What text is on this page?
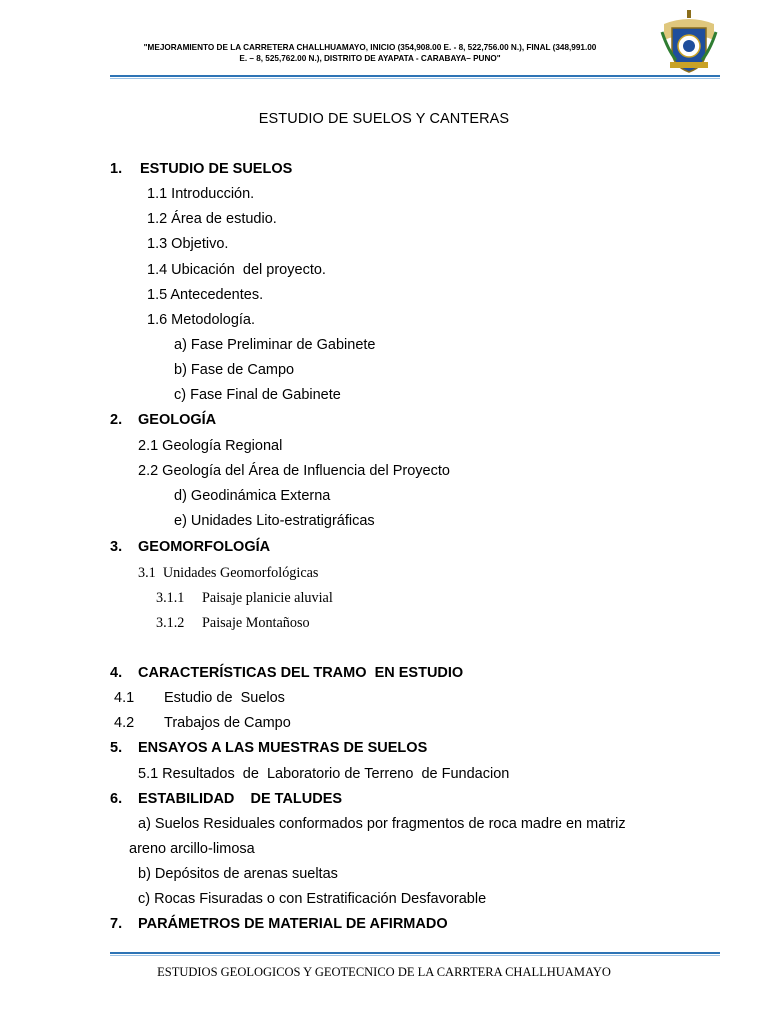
"MEJORAMIENTO DE LA CARRETERA CHALLHUAMAYO, INICIO (354,908.00 E. - 8, 522,756.00 N.), FINAL (348,991.00
E. – 8, 525,762.00 N.), DISTRITO DE AYAPATA - CARABAYA– PUNO"
ESTUDIO DE SUELOS Y CANTERAS
1. ESTUDIO DE SUELOS
1.1 Introducción.
1.2 Área de estudio.
1.3 Objetivo.
1.4 Ubicación  del proyecto.
1.5 Antecedentes.
1.6 Metodología.
a) Fase Preliminar de Gabinete
b) Fase de Campo
c) Fase Final de Gabinete
2. GEOLOGÍA
2.1 Geología Regional
2.2 Geología del Área de Influencia del Proyecto
d) Geodinámica Externa
e) Unidades Lito-estratigráficas
3. GEOMORFOLOGÍA
3.1  Unidades Geomorfológicas
3.1.1 Paisaje planicie aluvial
3.1.2 Paisaje Montañoso
4. CARACTERÍSTICAS DEL TRAMO  EN ESTUDIO
4.1 Estudio de  Suelos
4.2 Trabajos de Campo
5. ENSAYOS A LAS MUESTRAS DE SUELOS
5.1 Resultados  de  Laboratorio de Terreno  de Fundacion
6. ESTABILIDAD    DE TALUDES
a) Suelos Residuales conformados por fragmentos de roca madre en matriz
areno arcillo-limosa
b) Depósitos de arenas sueltas
c) Rocas Fisuradas o con Estratificación Desfavorable
7. PARÁMETROS DE MATERIAL DE AFIRMADO
ESTUDIOS GEOLOGICOS Y GEOTECNICO DE LA CARRTERA CHALLHUAMAYO
